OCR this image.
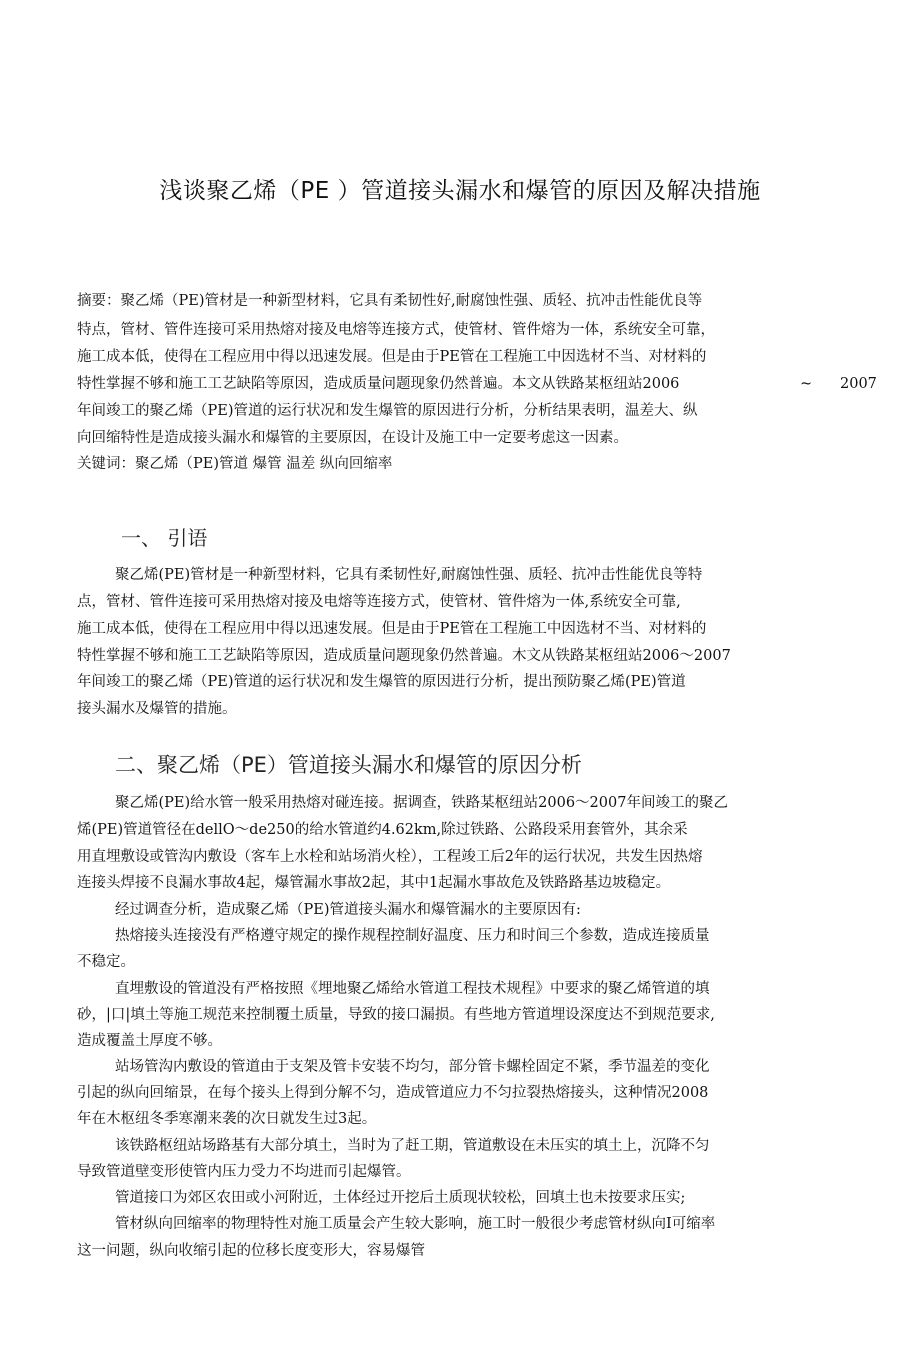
浅谈聚乙烯（PE ）管道接头漏水和爆管的原因及解决措施
摘要：聚乙烯（PE)管材是一种新型材料，它具有柔韧性好,耐腐蚀性强、质轻、抗冲击性能优良等
特点，管材、管件连接可采用热熔对接及电熔等连接方式，使管材、管件熔为一体，系统安全可靠，
施工成本低，使得在工程应用中得以迅速发展。但是由于PE管在工程施工中因选材不当、对材料的
特性掌握不够和施工工艺缺陷等原因，造成质量问题现象仍然普遍。本文从铁路某枢纽站2006	~ 2007
年间竣工的聚乙烯（PE)管道的运行状况和发生爆管的原因进行分析，分析结果表明，温差大、纵
向回缩特性是造成接头漏水和爆管的主要原因，在设计及施工中一定要考虑这一因素。
关键词：聚乙烯（PE)管道 爆管 温差 纵向回缩率
一、 引语
聚乙烯(PE)管材是一种新型材料，它具有柔韧性好,耐腐蚀性强、质轻、抗冲击性能优良等特
点，管材、管件连接可采用热熔对接及电熔等连接方式，使管材、管件熔为一体,系统安全可靠,
施工成本低，使得在工程应用中得以迅速发展。但是由于PE管在工程施工中因选材不当、对材料的
特性掌握不够和施工工艺缺陷等原因，造成质量问题现象仍然普遍。木文从铁路某枢纽站2006〜2007
年间竣工的聚乙烯（PE)管道的运行状况和发生爆管的原因进行分析，提出预防聚乙烯(PE)管道
接头漏水及爆管的措施。
二、聚乙烯（PE）管道接头漏水和爆管的原因分析
聚乙烯(PE)给水管一般采用热熔对碰连接。据调查，铁路某枢纽站2006〜2007年间竣工的聚乙
烯(PE)管道管径在dellO〜de250的给水管道约4.62km,除过铁路、公路段采用套管外，其余采
用直埋敷设或管沟内敷设（客车上水栓和站场消火栓），工程竣工后2年的运行状况，共发生因热熔
连接头焊接不良漏水事故4起，爆管漏水事故2起，其中1起漏水事故危及铁路路基边坡稳定。
经过调查分析，造成聚乙烯（PE)管道接头漏水和爆管漏水的主要原因有:
热熔接头连接没有严格遵守规定的操作规程控制好温度、压力和时间三个参数，造成连接质量
不稳定。
直埋敷设的管道没有严格按照《埋地聚乙烯给水管道工程技术规程》中要求的聚乙烯管道的填
砂，|口|填土等施工规范来控制覆土质量，导致的接口漏损。有些地方管道埋设深度达不到规范要求,
造成覆盖土厚度不够。
站场管沟内敷设的管道由于支架及管卡安装不均匀，部分管卡螺栓固定不紧，季节温差的变化
引起的纵向回缩景，在每个接头上得到分解不匀，造成管道应力不匀拉裂热熔接头，这种情况2008
年在木枢纽冬季寒潮来袭的次日就发生过3起。
该铁路枢纽站场路基有大部分填土，当时为了赶工期，管道敷设在未压实的填土上，沉降不匀
导致管道壁变形使管内压力受力不均进而引起爆管。
管道接口为郊区农田或小河附近，土体经过开挖后土质现状较松，回填土也未按要求压实;
管材纵向回缩率的物理特性对施工质量会产生较大影响，施工时一般很少考虑管材纵向I可缩率
这一问题，纵向收缩引起的位移长度变形大，容易爆管
